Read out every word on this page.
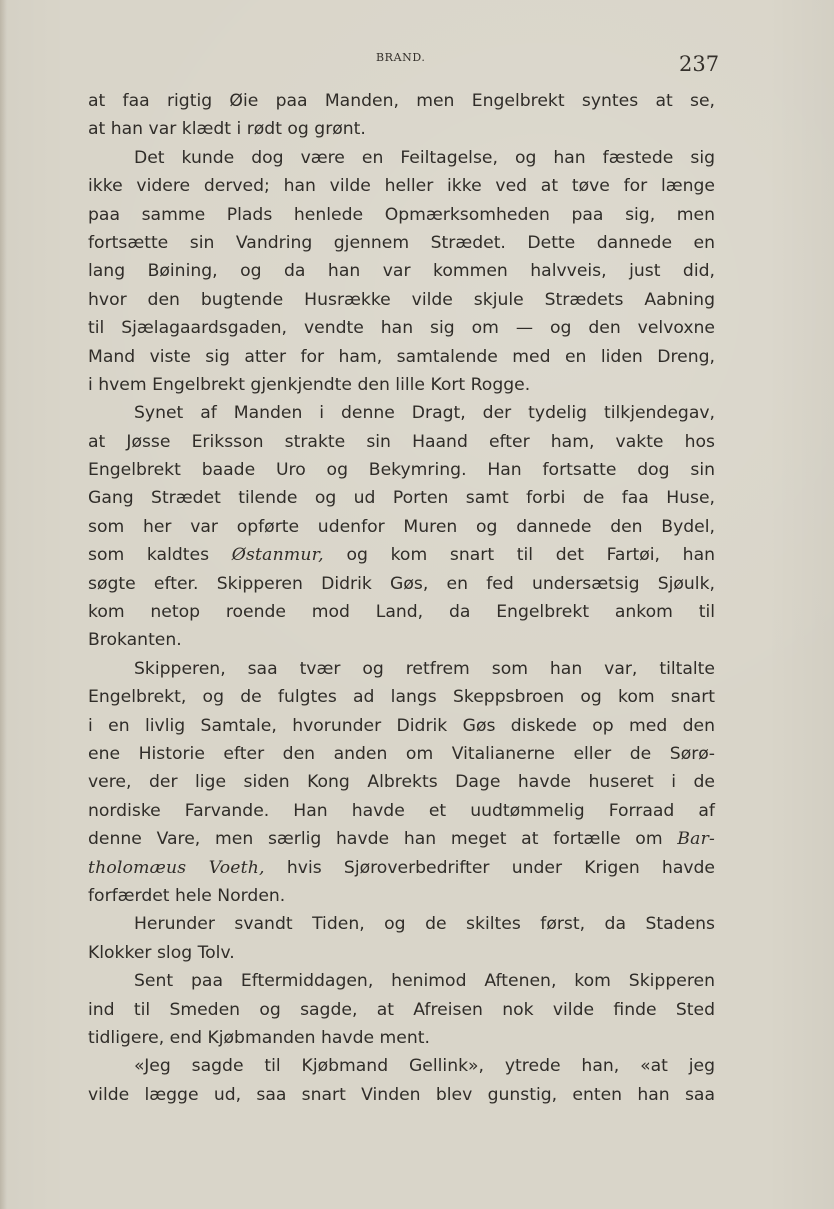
BRAND.	237
at faa rigtig Øie paa Manden, men Engelbrekt syntes at se,
at han var klædt i rødt og grønt.
Det kunde dog være en Feiltagelse, og han fæstede sig
ikke videre derved; han vilde heller ikke ved at tøve for længe
paa samme Plads henlede Opmærksomheden paa sig, men
fortsætte sin Vandring gjennem Strædet. Dette dannede en
lang Bøining, og da han var kommen halvveis, just did,
hvor den bugtende Husrække vilde skjule Strædets Aabning
til Sjælagaardsgaden, vendte han sig om — og den velvoxne
Mand viste sig atter for ham, samtalende med en liden Dreng,
i hvem Engelbrekt gjenkjendte den lille Kort Rogge.
Synet af Manden i denne Dragt, der tydelig tilkjendegav,
at Jøsse Eriksson strakte sin Haand efter ham, vakte hos
Engelbrekt baade Uro og Bekymring. Han fortsatte dog sin
Gang Strædet tilende og ud Porten samt forbi de faa Huse,
som her var opførte udenfor Muren og dannede den Bydel,
som kaldtes Østanmur, og kom snart til det Fartøi, han
søgte efter. Skipperen Didrik Gøs, en fed undersætsig Sjøulk,
kom netop roende mod Land, da Engelbrekt ankom til
Brokanten.
Skipperen, saa tvær og retfrem som han var, tiltalte
Engelbrekt, og de fulgtes ad langs Skeppsbroen og kom snart
i en livlig Samtale, hvorunder Didrik Gøs diskede op med den
ene Historie efter den anden om Vitalianerne eller de Sørø-
vere, der lige siden Kong Albrekts Dage havde huseret i de
nordiske Farvande. Han havde et uudtømmelig Forraad af
denne Vare, men særlig havde han meget at fortælle om Bar-
tholomæus Voeth, hvis Sjøroverbedrifter under Krigen havde
forfærdet hele Norden.
Herunder svandt Tiden, og de skiltes først, da Stadens
Klokker slog Tolv.
Sent paa Eftermiddagen, henimod Aftenen, kom Skipperen
ind til Smeden og sagde, at Afreisen nok vilde finde Sted
tidligere, end Kjøbmanden havde ment.
«Jeg sagde til Kjøbmand Gellink», ytrede han, «at jeg
vilde lægge ud, saa snart Vinden blev gunstig, enten han saa
